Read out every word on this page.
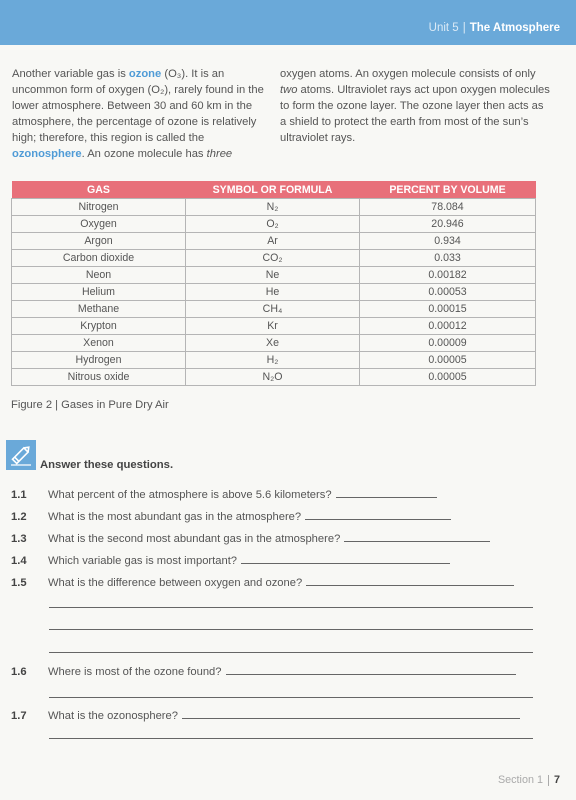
Unit 5 | The Atmosphere
Another variable gas is ozone (O₃). It is an uncommon form of oxygen (O₂), rarely found in the lower atmosphere. Between 30 and 60 km in the atmosphere, the percentage of ozone is relatively high; therefore, this region is called the ozonosphere. An ozone molecule has three
oxygen atoms. An oxygen molecule consists of only two atoms. Ultraviolet rays act upon oxygen molecules to form the ozone layer. The ozone layer then acts as a shield to protect the earth from most of the sun’s ultraviolet rays.
GAS	SYMBOL OR FORMULA	PERCENT BY VOLUME
Nitrogen	N₂	78.084
Oxygen	O₂	20.946
Argon	Ar	0.934
Carbon dioxide	CO₂	0.033
Neon	Ne	0.00182
Helium	He	0.00053
Methane	CH₄	0.00015
Krypton	Kr	0.00012
Xenon	Xe	0.00009
Hydrogen	H₂	0.00005
Nitrous oxide	N₂O	0.00005
Figure 2 | Gases in Pure Dry Air
Answer these questions.
1.1 What percent of the atmosphere is above 5.6 kilometers?
1.2 What is the most abundant gas in the atmosphere?
1.3 What is the second most abundant gas in the atmosphere?
1.4 Which variable gas is most important?
1.5 What is the difference between oxygen and ozone?
1.6 Where is most of the ozone found?
1.7 What is the ozonosphere?
Section 1 7
